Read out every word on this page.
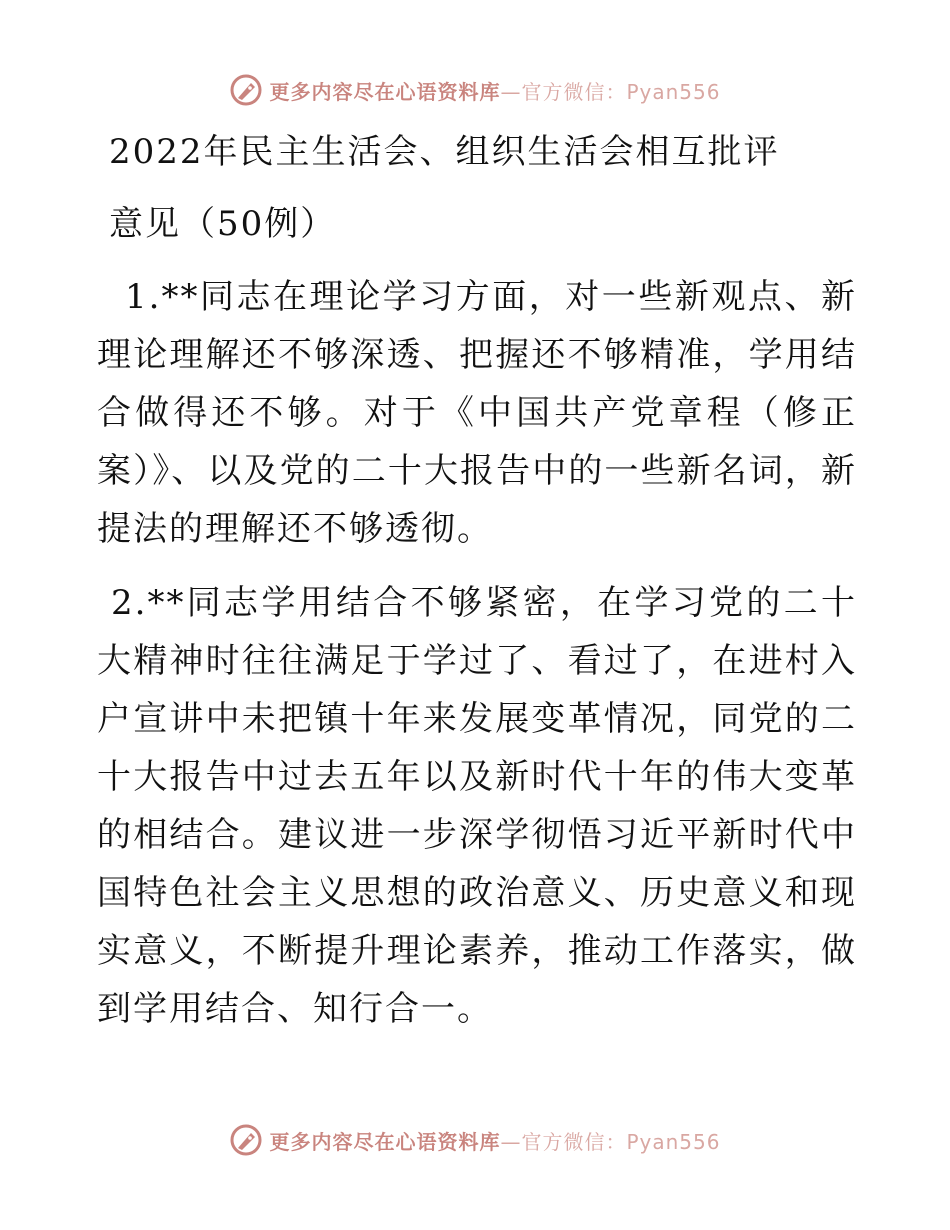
更多内容尽在心语资料库—官方微信：Pyan556

2022年民主生活会、组织生活会相互批评

意见（50例）

1.**同志在理论学习方面，对一些新观点、新理论理解还不够深透、把握还不够精准，学用结合做得还不够。对于《中国共产党章程（修正案）》、以及党的二十大报告中的一些新名词，新提法的理解还不够透彻。

2.**同志学用结合不够紧密，在学习党的二十大精神时往往满足于学过了、看过了，在进村入户宣讲中未把镇十年来发展变革情况，同党的二十大报告中过去五年以及新时代十年的伟大变革的相结合。建议进一步深学彻悟习近平新时代中国特色社会主义思想的政治意义、历史意义和现实意义，不断提升理论素养，推动工作落实，做到学用结合、知行合一。

更多内容尽在心语资料库—官方微信：Pyan556
